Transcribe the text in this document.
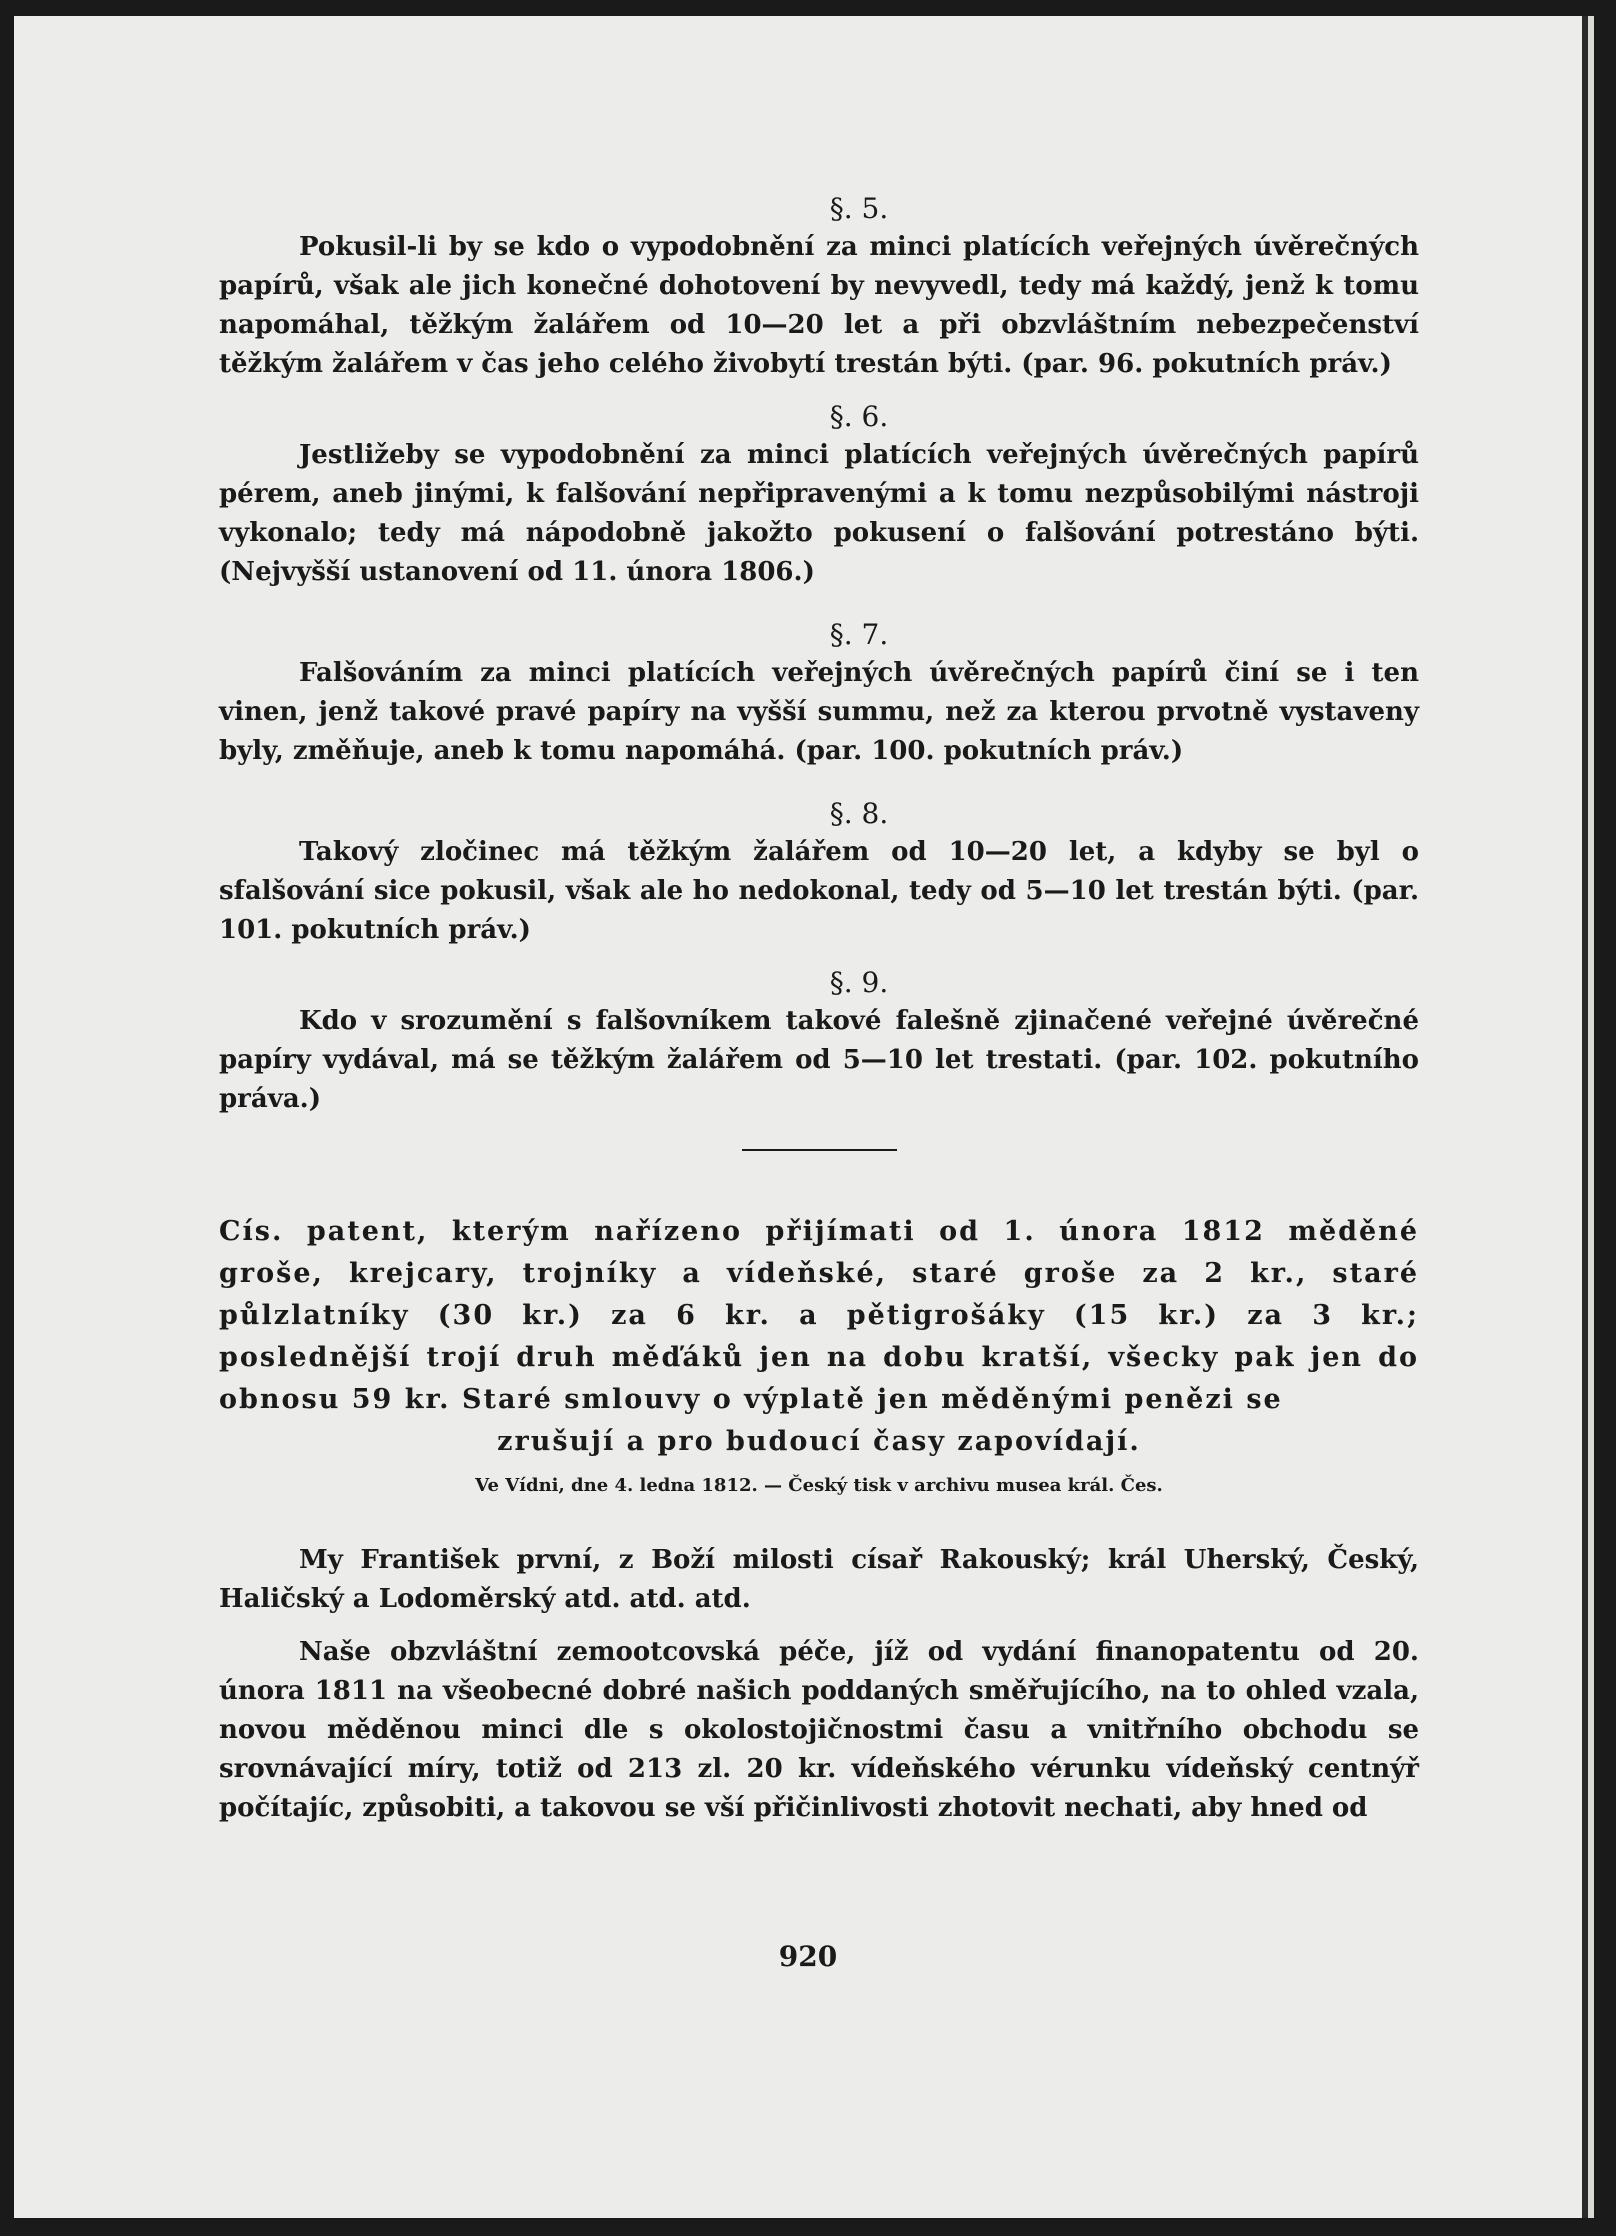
§. 5.

Pokusil-li by se kdo o vypodobnění za minci platících veřejných úvěrečných papírů, však ale jich konečné dohotovení by nevyvedl, tedy má každý, jenž k tomu napomáhal, těžkým žalářem od 10—20 let a při obzvláštním nebezpečenství těžkým žalářem v čas jeho celého živobytí trestán býti. (par. 96. pokutních práv.)

§. 6.

Jestližeby se vypodobnění za minci platících veřejných úvěrečných papírů pérem, aneb jinými, k falšování nepřipravenými a k tomu nezpůsobilými nástroji vykonalo; tedy má nápodobně jakožto pokusení o falšování potrestáno býti. (Nejvyšší ustanovení od 11. února 1806.)

§. 7.

Falšováním za minci platících veřejných úvěrečných papírů činí se i ten vinen, jenž takové pravé papíry na vyšší summu, než za kterou prvotně vystaveny byly, změňuje, aneb k tomu napomáhá. (par. 100. pokutních práv.)

§. 8.

Takový zločinec má těžkým žalářem od 10—20 let, a kdyby se byl o sfalšování sice pokusil, však ale ho nedokonal, tedy od 5—10 let trestán býti. (par. 101. pokutních práv.)

§. 9.

Kdo v srozumění s falšovníkem takové falešně zjinačené veřejné úvěrečné papíry vydával, má se těžkým žalářem od 5—10 let trestati. (par. 102. pokutního práva.)

Cís. patent, kterým nařízeno přijímati od 1. února 1812 měděné groše, krejcary, trojníky a vídeňské, staré groše za 2 kr., staré půlzlatníky (30 kr.) za 6 kr. a pětigrošáky (15 kr.) za 3 kr.; poslednější trojí druh měďáků jen na dobu kratší, všecky pak jen do obnosu 59 kr. Staré smlouvy o výplatě jen měděnými penězi se

zrušují a pro budoucí časy zapovídají.

Ve Vídni, dne 4. ledna 1812. — Český tisk v archivu musea král. Čes.

My František první, z Boží milosti císař Rakouský; král Uherský, Český, Haličský a Lodoměrský atd. atd. atd.

Naše obzvláštní zemootcovská péče, jíž od vydání finanopatentu od 20. února 1811 na všeobecné dobré našich poddaných směřujícího, na to ohled vzala, novou měděnou minci dle s okolostojičnostmi času a vnitřního obchodu se srovnávající míry, totiž od 213 zl. 20 kr. vídeňského vérunku vídeňský centnýř počítajíc, způsobiti, a takovou se vší přičinlivosti zhotovit nechati, aby hned od

920
